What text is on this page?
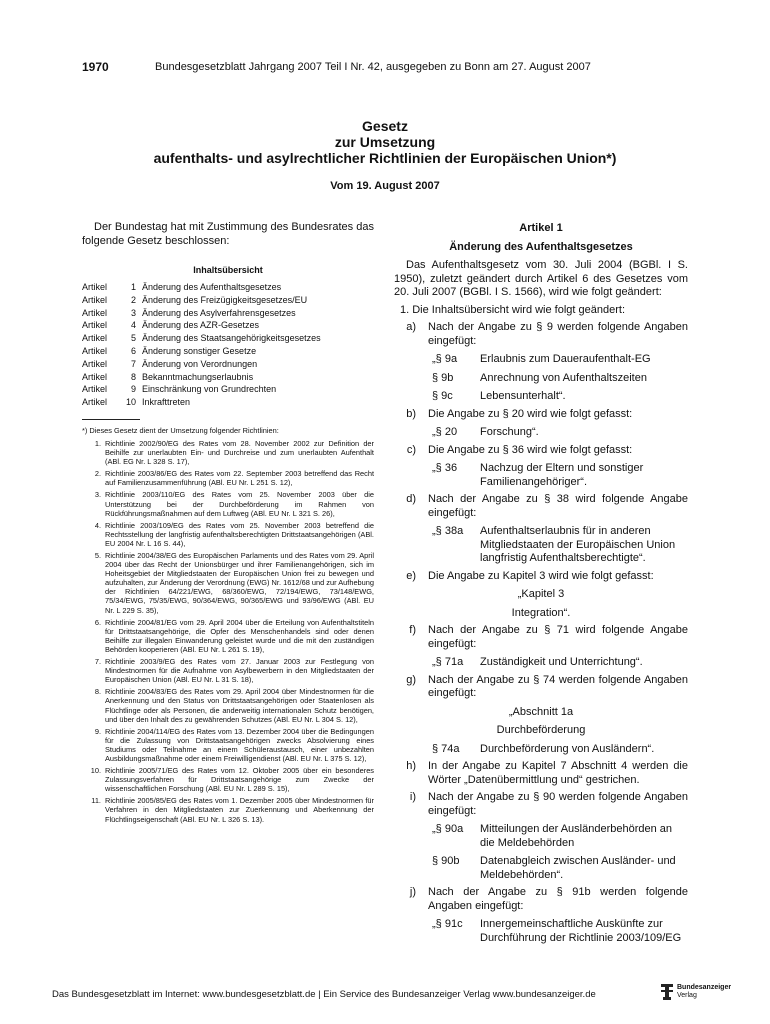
1970	Bundesgesetzblatt Jahrgang 2007 Teil I Nr. 42, ausgegeben zu Bonn am 27. August 2007
Gesetz
zur Umsetzung
aufenthalts- und asylrechtlicher Richtlinien der Europäischen Union*)
Vom 19. August 2007
Der Bundestag hat mit Zustimmung des Bundesrates das folgende Gesetz beschlossen:
Inhaltsübersicht
Artikel	1 Änderung des Aufenthaltsgesetzes
Artikel	2 Änderung des Freizügigkeitsgesetzes/EU
Artikel	3 Änderung des Asylverfahrensgesetzes
Artikel	4 Änderung des AZR-Gesetzes
Artikel	5 Änderung des Staatsangehörigkeitsgesetzes
Artikel	6 Änderung sonstiger Gesetze
Artikel	7 Änderung von Verordnungen
Artikel	8 Bekanntmachungserlaubnis
Artikel	9 Einschränkung von Grundrechten
Artikel	10 Inkrafttreten
*) Dieses Gesetz dient der Umsetzung folgender Richtlinien:
1. Richtlinie 2002/90/EG des Rates vom 28. November 2002 zur Definition der Beihilfe zur unerlaubten Ein- und Durchreise und zum unerlaubten Aufenthalt (ABl. EG Nr. L 328 S. 17),
2. Richtlinie 2003/86/EG des Rates vom 22. September 2003 betreffend das Recht auf Familienzusammenführung (ABl. EU Nr. L 251 S. 12),
3. Richtlinie 2003/110/EG des Rates vom 25. November 2003 über die Unterstützung bei der Durchbeförderung im Rahmen von Rückführungsmaßnahmen auf dem Luftweg (ABl. EU Nr. L 321 S. 26),
4. Richtlinie 2003/109/EG des Rates vom 25. November 2003 betreffend die Rechtsstellung der langfristig aufenthaltsberechtigten Drittstaatsangehörigen (ABl. EU 2004 Nr. L 16 S. 44),
5. Richtlinie 2004/38/EG des Europäischen Parlaments und des Rates vom 29. April 2004 über das Recht der Unionsbürger und ihrer Familienangehörigen, sich im Hoheitsgebiet der Mitgliedstaaten der Europäischen Union frei zu bewegen und aufzuhalten, zur Änderung der Verordnung (EWG) Nr. 1612/68 und zur Aufhebung der Richtlinien 64/221/EWG, 68/360/EWG, 72/194/EWG, 73/148/EWG, 75/34/EWG, 75/35/EWG, 90/364/EWG, 90/365/EWG und 93/96/EWG (ABl. EU Nr. L 229 S. 35),
6. Richtlinie 2004/81/EG vom 29. April 2004 über die Erteilung von Aufenthaltstiteln für Drittstaatsangehörige, die Opfer des Menschenhandels sind oder denen Beihilfe zur illegalen Einwanderung geleistet wurde und die mit den zuständigen Behörden kooperieren (ABl. EU Nr. L 261 S. 19),
7. Richtlinie 2003/9/EG des Rates vom 27. Januar 2003 zur Festlegung von Mindestnormen für die Aufnahme von Asylbewerbern in den Mitgliedstaaten der Europäischen Union (ABl. EU Nr. L 31 S. 18),
8. Richtlinie 2004/83/EG des Rates vom 29. April 2004 über Mindestnormen für die Anerkennung und den Status von Drittstaatsangehörigen oder Staatenlosen als Flüchtlinge oder als Personen, die anderweitig internationalen Schutz benötigen, und über den Inhalt des zu gewährenden Schutzes (ABl. EU Nr. L 304 S. 12),
9. Richtlinie 2004/114/EG des Rates vom 13. Dezember 2004 über die Bedingungen für die Zulassung von Drittstaatsangehörigen zwecks Absolvierung eines Studiums oder Teilnahme an einem Schüleraustausch, einer unbezahlten Ausbildungsmaßnahme oder einem Freiwilligendienst (ABl. EU Nr. L 375 S. 12),
10. Richtlinie 2005/71/EG des Rates vom 12. Oktober 2005 über ein besonderes Zulassungsverfahren für Drittstaatsangehörige zum Zwecke der wissenschaftlichen Forschung (ABl. EU Nr. L 289 S. 15),
11. Richtlinie 2005/85/EG des Rates vom 1. Dezember 2005 über Mindestnormen für Verfahren in den Mitgliedstaaten zur Zuerkennung und Aberkennung der Flüchtlingseigenschaft (ABl. EU Nr. L 326 S. 13).
Artikel 1
Änderung des Aufenthaltsgesetzes
Das Aufenthaltsgesetz vom 30. Juli 2004 (BGBl. I S. 1950), zuletzt geändert durch Artikel 6 des Gesetzes vom 20. Juli 2007 (BGBl. I S. 1566), wird wie folgt geändert:
1. Die Inhaltsübersicht wird wie folgt geändert:
a)	Nach der Angabe zu § 9 werden folgende Angaben eingefügt:
„§ 9a	Erlaubnis zum Daueraufenthalt-EG
§ 9b	Anrechnung von Aufenthaltszeiten
§ 9c	Lebensunterhalt“.
b)	Die Angabe zu § 20 wird wie folgt gefasst:
„§ 20	Forschung“.
c)	Die Angabe zu § 36 wird wie folgt gefasst:
„§ 36	Nachzug der Eltern und sonstiger Familienangehöriger“.
d)	Nach der Angabe zu § 38 wird folgende Angabe eingefügt:
„§ 38a	Aufenthaltserlaubnis für in anderen Mitgliedstaaten der Europäischen Union langfristig Aufenthaltsberechtigte“.
e)	Die Angabe zu Kapitel 3 wird wie folgt gefasst:
„Kapitel 3
Integration“.
f)	Nach der Angabe zu § 71 wird folgende Angabe eingefügt:
„§ 71a	Zuständigkeit und Unterrichtung“.
g)	Nach der Angabe zu § 74 werden folgende Angaben eingefügt:
„Abschnitt 1a
Durchbeförderung
§ 74a	Durchbeförderung von Ausländern“.
h)	In der Angabe zu Kapitel 7 Abschnitt 4 werden die Wörter „Datenübermittlung und“ gestrichen.
i)	Nach der Angabe zu § 90 werden folgende Angaben eingefügt:
„§ 90a	Mitteilungen der Ausländerbehörden an die Meldebehörden
§ 90b	Datenabgleich zwischen Ausländer- und Meldebehörden“.
j)	Nach der Angabe zu § 91b werden folgende Angaben eingefügt:
„§ 91c	Innergemeinschaftliche Auskünfte zur Durchführung der Richtlinie 2003/109/EG
Das Bundesgesetzblatt im Internet: www.bundesgesetzblatt.de | Ein Service des Bundesanzeiger Verlag www.bundesanzeiger.de
Bundesanzeiger
Verlag
